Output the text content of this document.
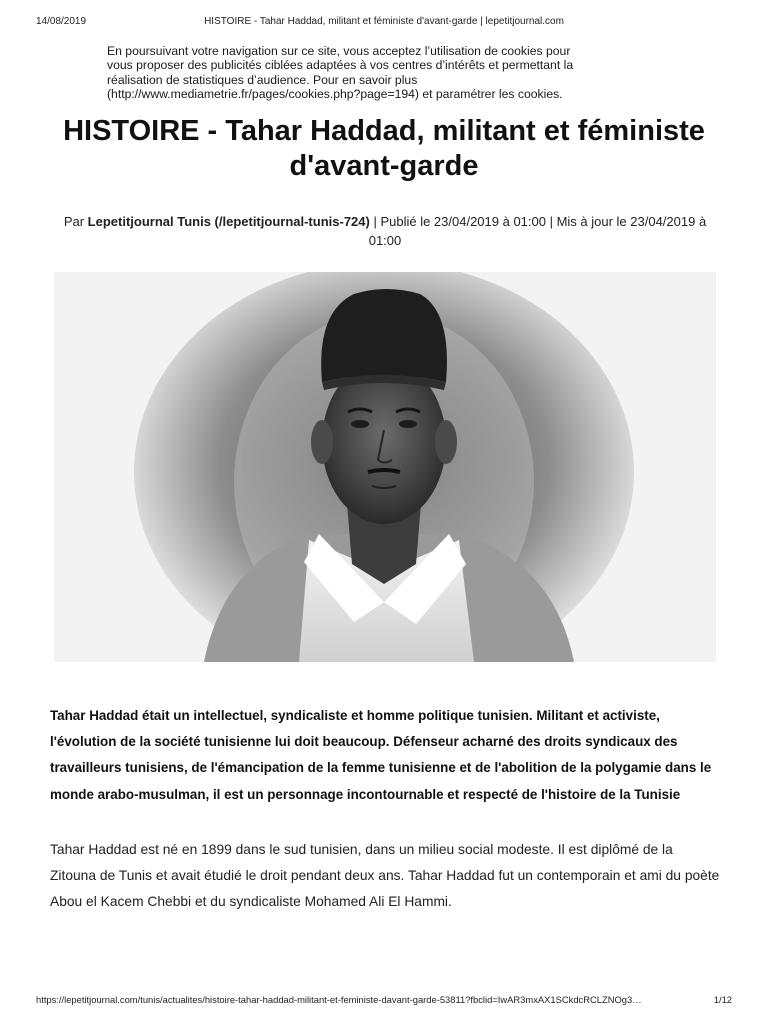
14/08/2019	HISTOIRE - Tahar Haddad, militant et féministe d'avant-garde | lepetitjournal.com
En poursuivant votre navigation sur ce site, vous acceptez l’utilisation de cookies pour vous proposer des publicités ciblées adaptées à vos centres d’intérêts et permettant la réalisation de statistiques d’audience. Pour en savoir plus (http://www.mediametrie.fr/pages/cookies.php?page=194) et paramétrer les cookies.
HISTOIRE - Tahar Haddad, militant et féministe d'avant-garde
Par Lepetitjournal Tunis (/lepetitjournal-tunis-724) | Publié le 23/04/2019 à 01:00 | Mis à jour le 23/04/2019 à 01:00

Tahar Haddad était un intellectuel, syndicaliste et homme politique tunisien. Militant et activiste, l'évolution de la société tunisienne lui doit beaucoup. Défenseur acharné des droits syndicaux des travailleurs tunisiens, de l'émancipation de la femme tunisienne et de l'abolition de la polygamie dans le monde arabo-musulman, il est un personnage incontournable et respecté de l'histoire de la Tunisie

Tahar Haddad est né en 1899 dans le sud tunisien, dans un milieu social modeste. Il est diplômé de la Zitouna de Tunis et avait étudié le droit pendant deux ans. Tahar Haddad fut un contemporain et ami du poète Abou el Kacem Chebbi et du syndicaliste Mohamed Ali El Hammi.

https://lepetitjournal.com/tunis/actualites/histoire-tahar-haddad-militant-et-feministe-davant-garde-53811?fbclid=IwAR3mxAX1SCkdcRCLZNOg3…	1/12
